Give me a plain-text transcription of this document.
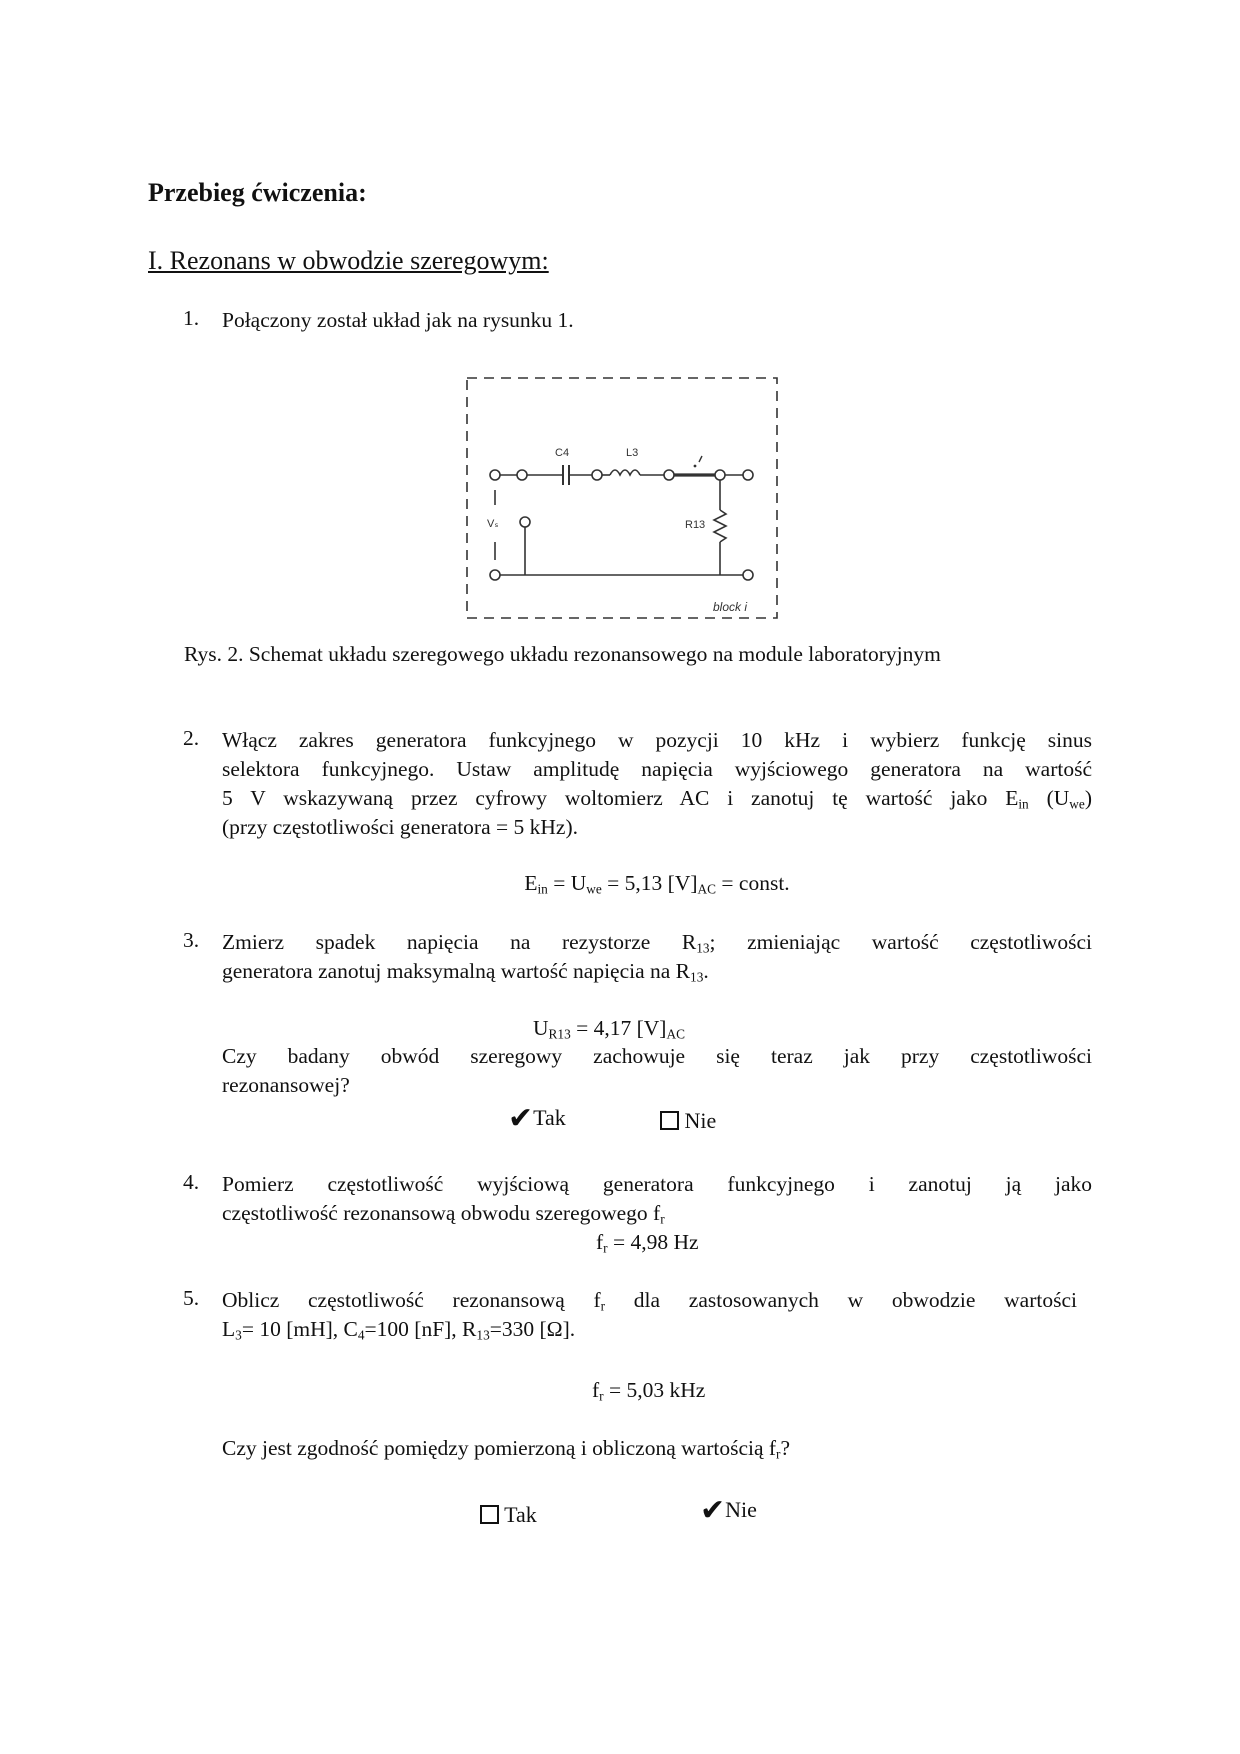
Przebieg ćwiczenia:
I. Rezonans w obwodzie szeregowym:
1. Połączony został układ jak na rysunku 1.
C4	L3
Vₛ	R13
block i
Rys. 2. Schemat układu szeregowego układu rezonansowego na module laboratoryjnym
2. Włącz zakres generatora funkcyjnego w pozycji 10 kHz i wybierz funkcję sinus
selektora funkcyjnego. Ustaw amplitudę napięcia wyjściowego generatora na wartość
5 V wskazywaną przez cyfrowy woltomierz AC i zanotuj tę wartość jako $E_{in}$ $(U_{we})$
(przy częstotliwości generatora = 5 kHz).
$E_{in} = U_{we} = 5,13$ $[V]_{AC}$ = const.
3. Zmierz spadek napięcia na rezystorze $R_{13}$; zmieniając wartość częstotliwości
generatora zanotuj maksymalną wartość napięcia na $R_{13}$.
$U_{R13} = 4,17$ $[V]_{AC}$
Czy badany obwód szeregowy zachowuje się teraz jak przy częstotliwości
rezonansowej?
✔Tak	Nie
4. Pomierz częstotliwość wyjściową generatora funkcyjnego i zanotuj ją jako
częstotliwość rezonansową obwodu szeregowego $f_r$
$f_r = 4,98$ Hz
5. Oblicz częstotliwość rezonansową $f_r$ dla zastosowanych w obwodzie wartości
$L_3= 10$ [mH], $C_4=100$ [nF], $R_{13}=330$ [Ω].
$f_r = 5,03$ kHz
Czy jest zgodność pomiędzy pomierzoną i obliczoną wartością $f_r$?
Tak	✔Nie
